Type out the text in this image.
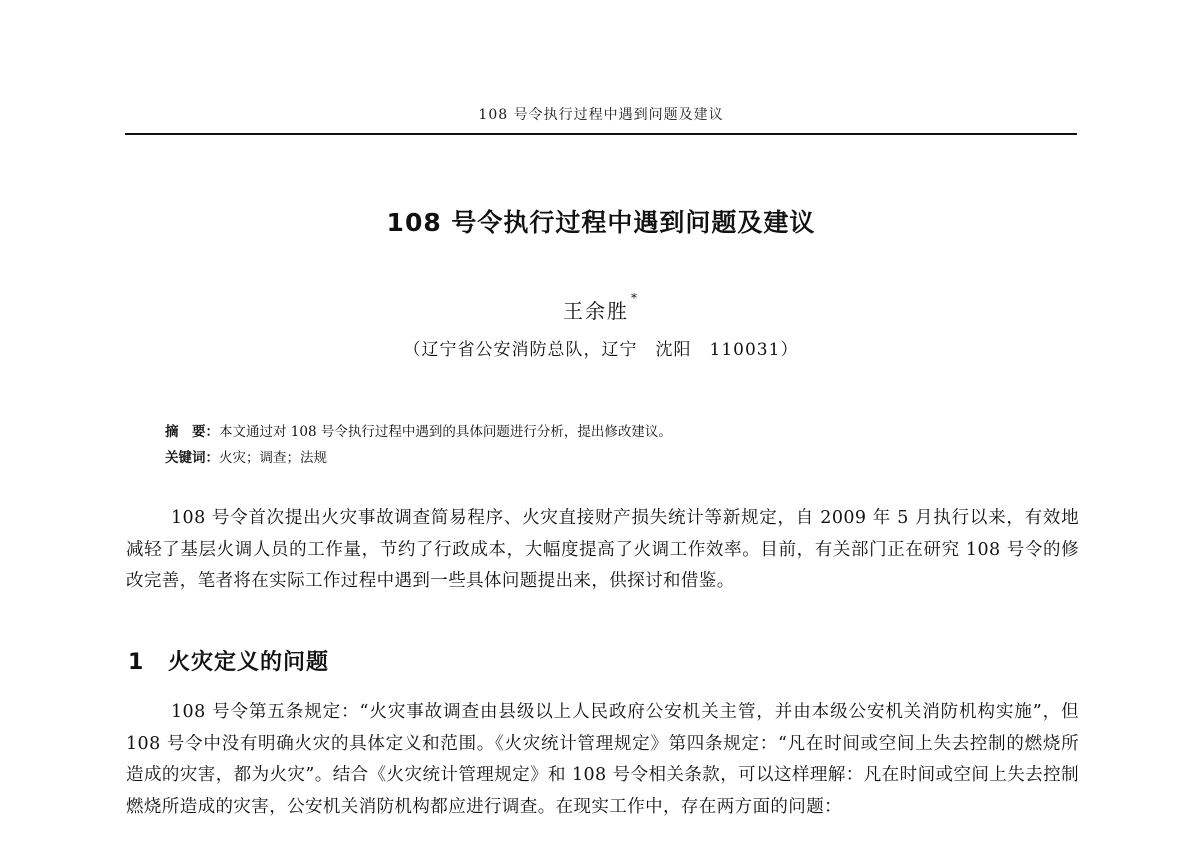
108 号令执行过程中遇到问题及建议
108 号令执行过程中遇到问题及建议
王余胜*
（辽宁省公安消防总队，辽宁　沈阳　110031）
摘　要：本文通过对 108 号令执行过程中遇到的具体问题进行分析，提出修改建议。
关键词：火灾；调查；法规
108 号令首次提出火灾事故调查简易程序、火灾直接财产损失统计等新规定，自 2009 年 5 月执行以来，有效地减轻了基层火调人员的工作量，节约了行政成本，大幅度提高了火调工作效率。目前，有关部门正在研究 108 号令的修改完善，笔者将在实际工作过程中遇到一些具体问题提出来，供探讨和借鉴。
1 火灾定义的问题
108 号令第五条规定：“火灾事故调查由县级以上人民政府公安机关主管，并由本级公安机关消防机构实施”，但 108 号令中没有明确火灾的具体定义和范围。《火灾统计管理规定》第四条规定：“凡在时间或空间上失去控制的燃烧所造成的灾害，都为火灾”。结合《火灾统计管理规定》和 108 号令相关条款，可以这样理解：凡在时间或空间上失去控制燃烧所造成的灾害，公安机关消防机构都应进行调查。在现实工作中，存在两方面的问题：
